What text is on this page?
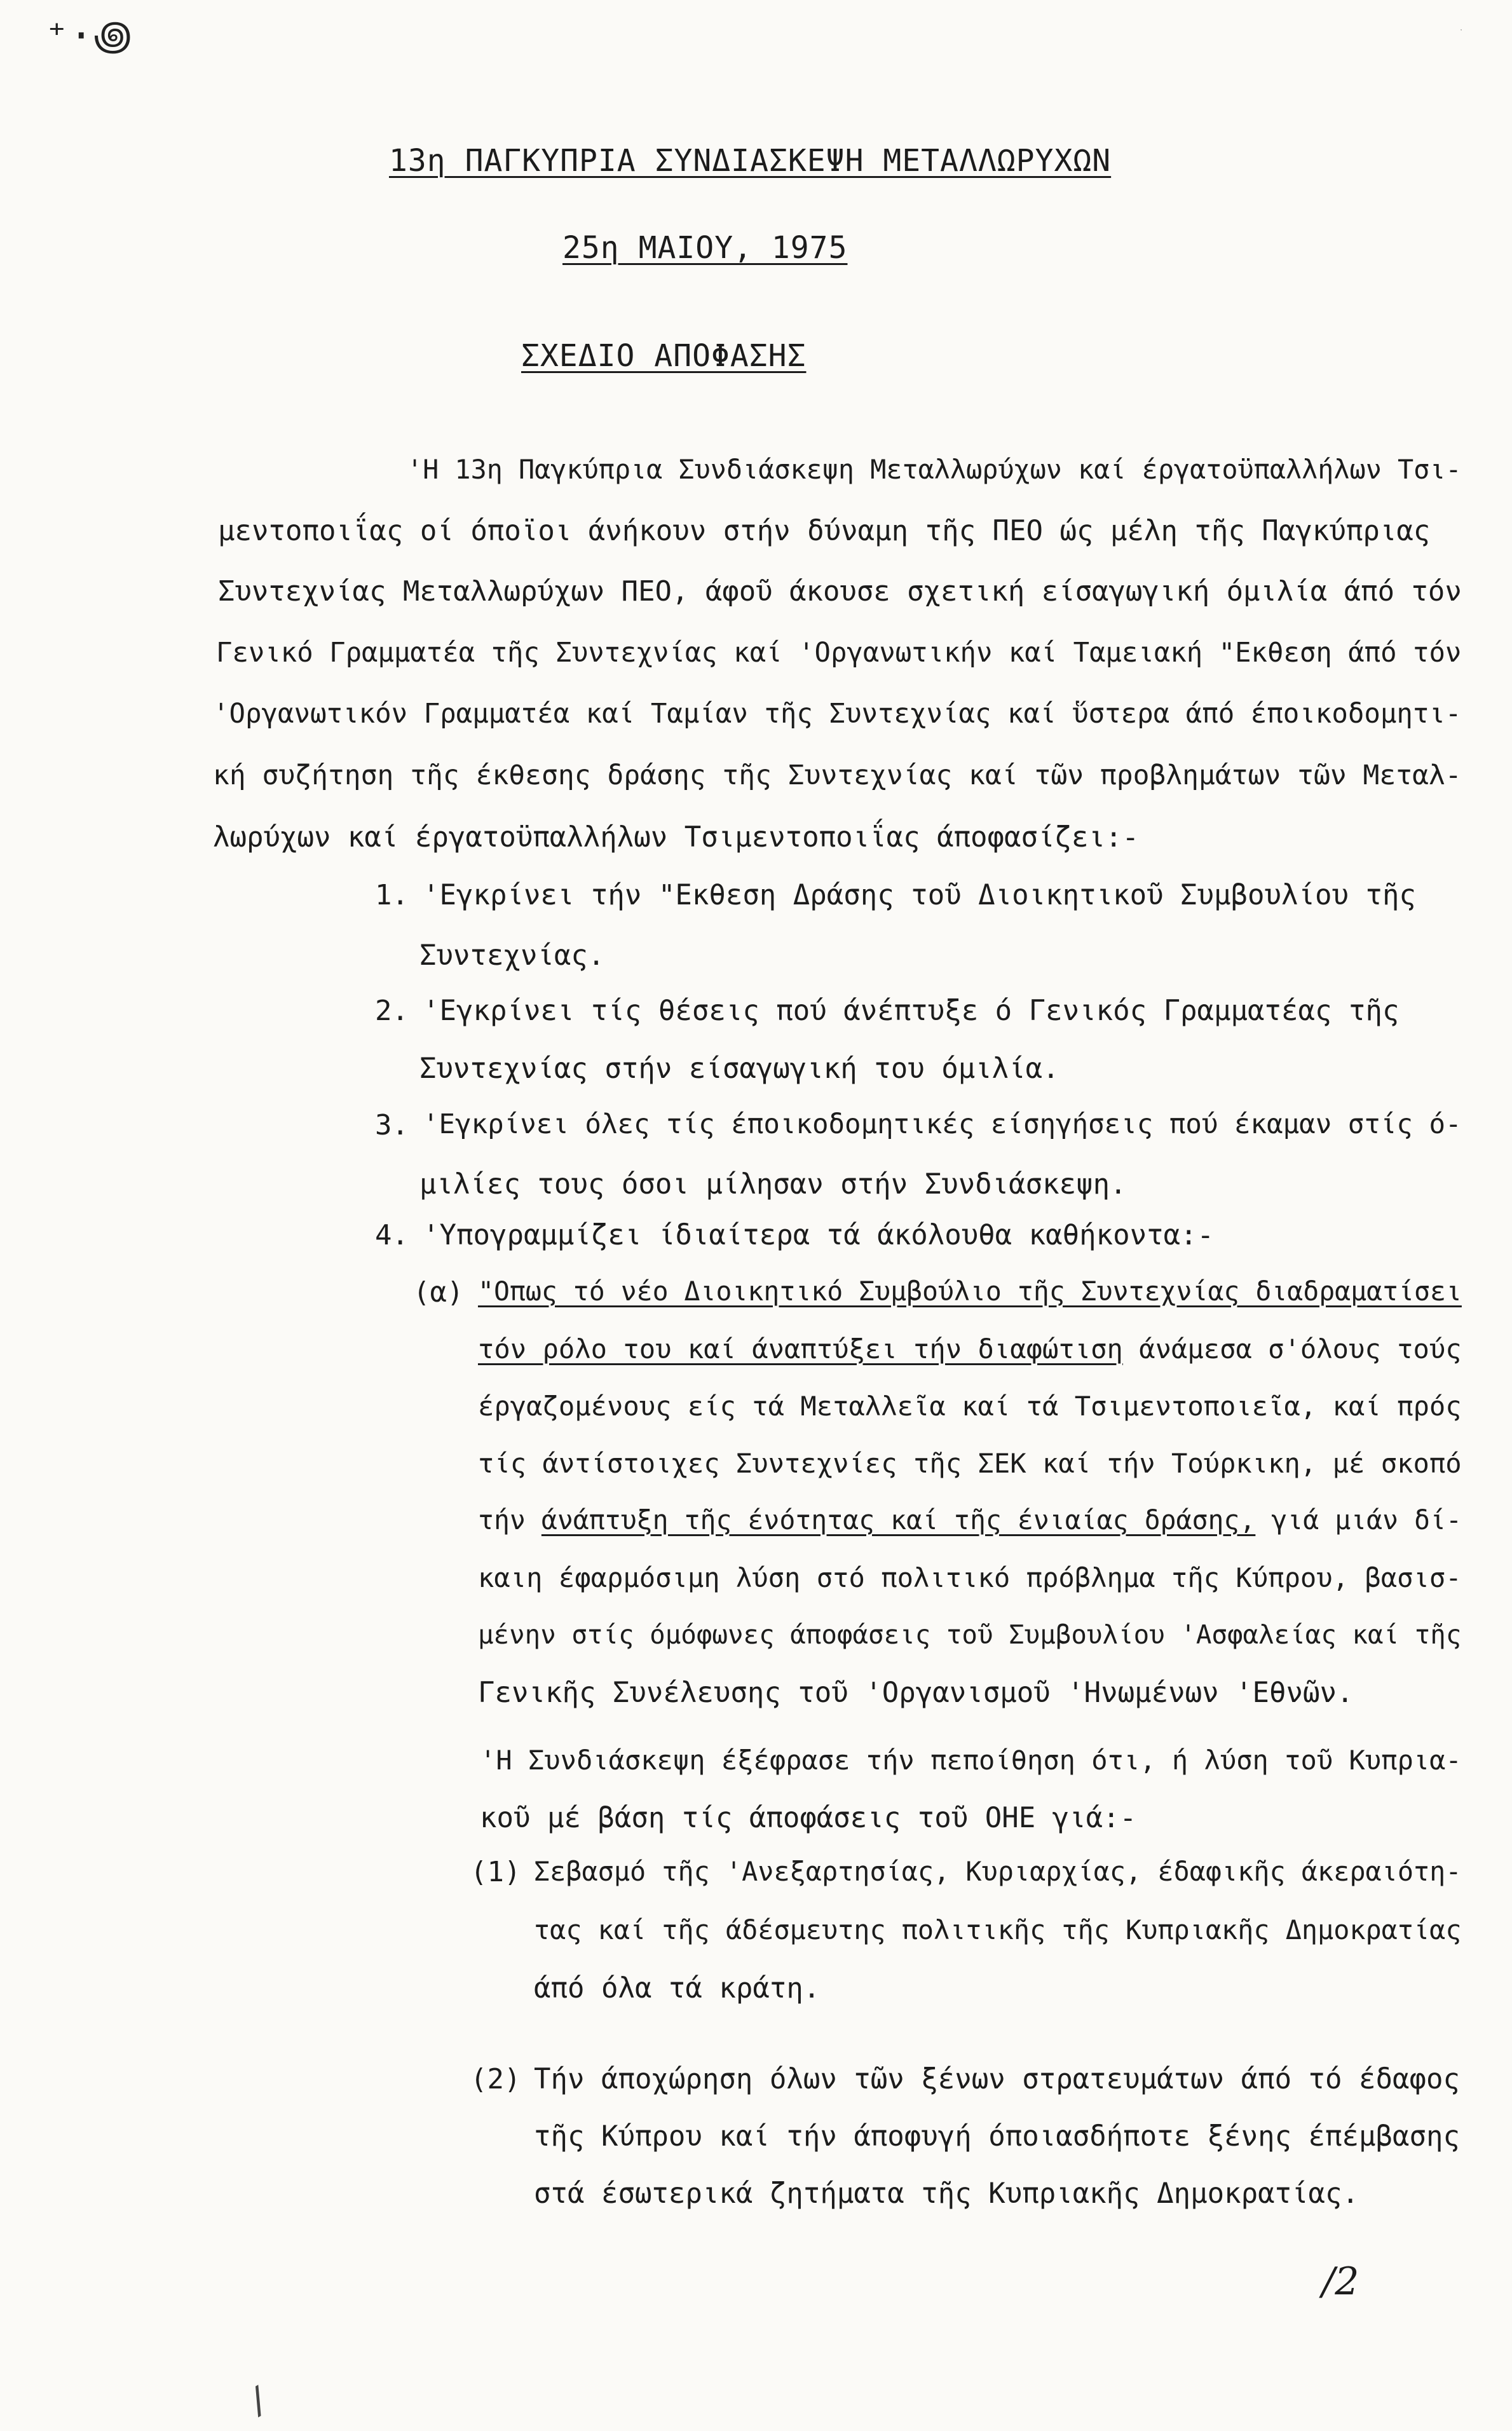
⁺·꩜	5
13η ΠΑΓΚΥΠΡΙΑ ΣΥΝΔΙΑΣΚΕΨΗ ΜΕΤΑΛΛΩΡΥΧΩΝ
25η ΜΑΙΟΥ, 1975
ΣΧΕΔΙΟ ΑΠΟΦΑΣΗΣ
'Η 13η Παγκύπρια Συνδιάσκεψη Μεταλλωρύχων καί έργατοϋπαλλήλων Τσι-
μεντοποιΐας οί όποϊοι άνήκουν στήν δύναμη τῆς ΠΕΟ ώς μέλη τῆς Παγκύπριας
Συντεχνίας Μεταλλωρύχων ΠΕΟ, άφοῦ άκουσε σχετική είσαγωγική όμιλία άπό τόν
Γενικό Γραμματέα τῆς Συντεχνίας καί 'Οργανωτικήν καί Ταμειακή "Εκθεση άπό τόν
'Οργανωτικόν Γραμματέα καί Ταμίαν τῆς Συντεχνίας καί ὕστερα άπό έποικοδομητι-
κή συζήτηση τῆς έκθεσης δράσης τῆς Συντεχνίας καί τῶν προβλημάτων τῶν Μεταλ-
λωρύχων καί έργατοϋπαλλήλων Τσιμεντοποιΐας άποφασίζει:-
1. 'Εγκρίνει τήν "Εκθεση Δράσης τοῦ Διοικητικοῦ Συμβουλίου τῆς
Συντεχνίας.
2. 'Εγκρίνει τίς θέσεις πού άνέπτυξε ό Γενικός Γραμματέας τῆς
Συντεχνίας στήν είσαγωγική του όμιλία.
3. 'Εγκρίνει όλες τίς έποικοδομητικές είσηγήσεις πού έκαμαν στίς ό-
μιλίες τους όσοι μίλησαν στήν Συνδιάσκεψη.
4. 'Υπογραμμίζει ίδιαίτερα τά άκόλουθα καθήκοντα:-
(α) "Οπως τό νέο Διοικητικό Συμβούλιο τῆς Συντεχνίας διαδραματίσει
τόν ρόλο του καί άναπτύξει τήν διαφώτιση άνάμεσα σ'όλους τούς
έργαζομένους είς τά Μεταλλεῖα καί τά Τσιμεντοποιεῖα, καί πρός
τίς άντίστοιχες Συντεχνίες τῆς ΣΕΚ καί τήν Τούρκικη, μέ σκοπό
τήν άνάπτυξη τῆς ένότητας καί τῆς ένιαίας δράσης, γιά μιάν δί-
καιη έφαρμόσιμη λύση στό πολιτικό πρόβλημα τῆς Κύπρου, βασισ-
μένην στίς όμόφωνες άποφάσεις τοῦ Συμβουλίου 'Ασφαλείας καί τῆς
Γενικῆς Συνέλευσης τοῦ 'Οργανισμοῦ 'Ηνωμένων 'Εθνῶν.
'Η Συνδιάσκεψη έξέφρασε τήν πεποίθηση ότι, ή λύση τοῦ Κυπρια-
κοῦ μέ βάση τίς άποφάσεις τοῦ ΟΗΕ γιά:-
(1) Σεβασμό τῆς 'Ανεξαρτησίας, Κυριαρχίας, έδαφικῆς άκεραιότη-
τας καί τῆς άδέσμευτης πολιτικῆς τῆς Κυπριακῆς Δημοκρατίας
άπό όλα τά κράτη.
(2) Τήν άποχώρηση όλων τῶν ξένων στρατευμάτων άπό τό έδαφος
τῆς Κύπρου καί τήν άποφυγή όποιασδήποτε ξένης έπέμβασης
στά έσωτερικά ζητήματα τῆς Κυπριακῆς Δημοκρατίας.
/2
/
